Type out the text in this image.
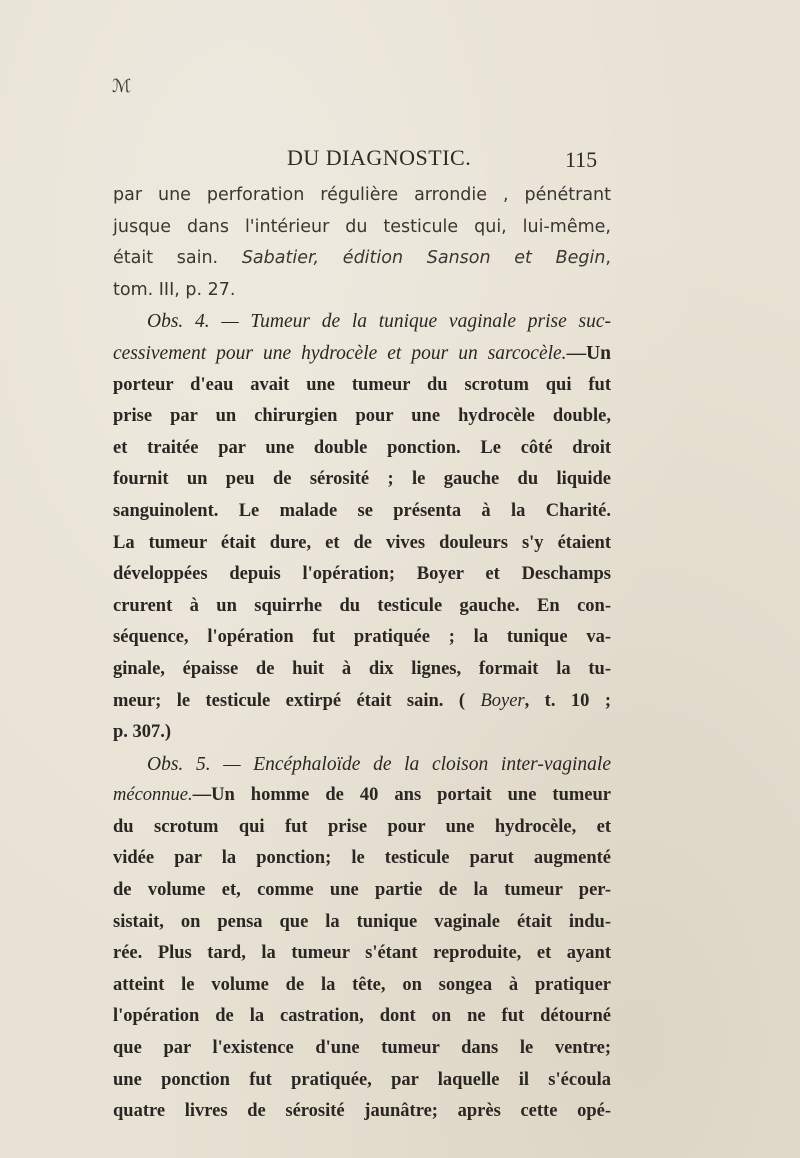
ℳ
DU DIAGNOSTIC.	115
par une perforation régulière arrondie , pénétrant
jusque dans l'intérieur du testicule qui, lui-même,
était sain. Sabatier, édition Sanson et Begin,
tom. III, p. 27.
Obs. 4. — Tumeur de la tunique vaginale prise suc-
cessivement pour une hydrocèle et pour un sarcocèle.—Un
porteur d'eau avait une tumeur du scrotum qui fut
prise par un chirurgien pour une hydrocèle double,
et traitée par une double ponction. Le côté droit
fournit un peu de sérosité ; le gauche du liquide
sanguinolent. Le malade se présenta à la Charité.
La tumeur était dure, et de vives douleurs s'y étaient
développées depuis l'opération; Boyer et Deschamps
crurent à un squirrhe du testicule gauche. En con-
séquence, l'opération fut pratiquée ; la tunique va-
ginale, épaisse de huit à dix lignes, formait la tu-
meur; le testicule extirpé était sain. ( Boyer, t. 10 ;
p. 307.)
Obs. 5. — Encéphaloïde de la cloison inter-vaginale
méconnue.—Un homme de 40 ans portait une tumeur
du scrotum qui fut prise pour une hydrocèle, et
vidée par la ponction; le testicule parut augmenté
de volume et, comme une partie de la tumeur per-
sistait, on pensa que la tunique vaginale était indu-
rée. Plus tard, la tumeur s'étant reproduite, et ayant
atteint le volume de la tête, on songea à pratiquer
l'opération de la castration, dont on ne fut détourné
que par l'existence d'une tumeur dans le ventre;
une ponction fut pratiquée, par laquelle il s'écoula
quatre livres de sérosité jaunâtre; après cette opé-
